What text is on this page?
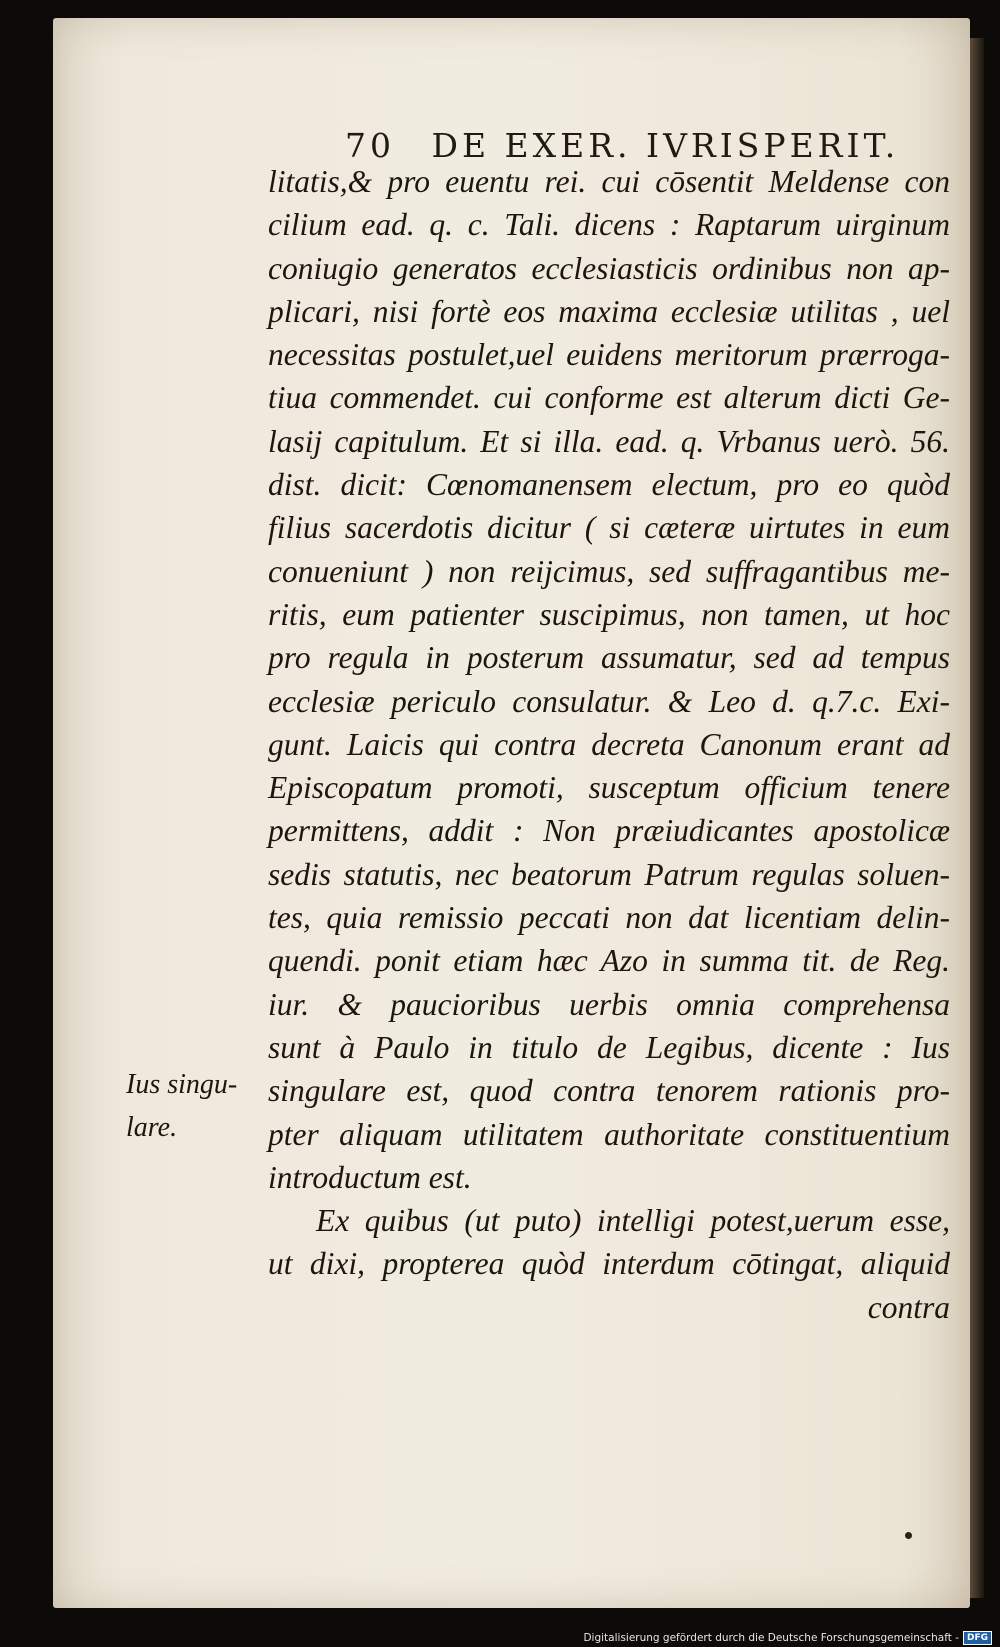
70 DE EXER. IVRISPERIT.
Ius singu-
lare.
litatis,& pro euentu rei. cui cōsentit Meldense con
cilium ead. q. c. Tali. dicens : Raptarum uirginum
coniugio generatos ecclesiasticis ordinibus non ap-
plicari, nisi fortè eos maxima ecclesiæ utilitas , uel
necessitas postulet,uel euidens meritorum prærroga-
tiua commendet. cui conforme est alterum dicti Ge-
lasij capitulum. Et si illa. ead. q. Vrbanus uerò. 56.
dist. dicit: Cœnomanensem electum, pro eo quòd
filius sacerdotis dicitur ( si cæteræ uirtutes in eum
conueniunt ) non reijcimus, sed suffragantibus me-
ritis, eum patienter suscipimus, non tamen, ut hoc
pro regula in posterum assumatur, sed ad tempus
ecclesiæ periculo consulatur. & Leo d. q.7.c. Exi-
gunt. Laicis qui contra decreta Canonum erant ad
Episcopatum promoti, susceptum officium tenere
permittens, addit : Non præiudicantes apostolicæ
sedis statutis, nec beatorum Patrum regulas soluen-
tes, quia remissio peccati non dat licentiam delin-
quendi. ponit etiam hæc Azo in summa tit. de Reg.
iur. & paucioribus uerbis omnia comprehensa
sunt à Paulo in titulo de Legibus, dicente : Ius
singulare est, quod contra tenorem rationis pro-
pter aliquam utilitatem authoritate constituentium
introductum est.
Ex quibus (ut puto) intelligi potest,uerum esse,
ut dixi, propterea quòd interdum cōtingat, aliquid
contra
Digitalisierung gefördert durch die Deutsche Forschungsgemeinschaft - DFG
